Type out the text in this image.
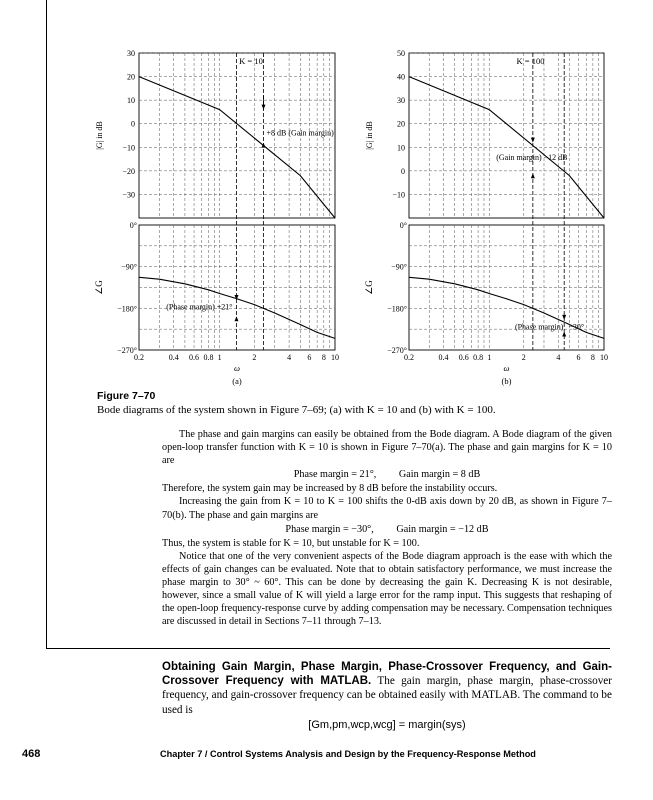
30
20
10
0
−10
−20
−30
0°
−90°
−180°
−270°
0.2	0.4 0.6 0.8 1	2	4 6 8 10
ω
|G| in dB
∠G
K = 10
(a)
50
40
30
20
10
0
−10
0°
−90°
−180°
−270°
0.2	0.4 0.6 0.8 1	2	4 6 8 10
ω
|G| in dB
∠G
K = 100
(b)
+8 dB (Gain margin)
(Phase margin) +21°
(Gain margin) −12 dB
(Phase margin) −30°
Figure 7–70
Bode diagrams of the system shown in Figure 7–69; (a) with K = 10 and (b) with K = 100.

The phase and gain margins can easily be obtained from the Bode diagram. A Bode diagram of the given open-loop transfer function with K = 10 is shown in Figure 7–70(a). The phase and gain margins for K = 10 are

Phase margin = 21°, Gain margin = 8 dB

Therefore, the system gain may be increased by 8 dB before the instability occurs.

Increasing the gain from K = 10 to K = 100 shifts the 0-dB axis down by 20 dB, as shown in Figure 7–70(b). The phase and gain margins are

Phase margin = −30°, Gain margin = −12 dB

Thus, the system is stable for K = 10, but unstable for K = 100.

Notice that one of the very convenient aspects of the Bode diagram approach is the ease with which the effects of gain changes can be evaluated. Note that to obtain satisfactory performance, we must increase the phase margin to 30° ~ 60°. This can be done by decreasing the gain K. Decreasing K is not desirable, however, since a small value of K will yield a large error for the ramp input. This suggests that reshaping of the open-loop frequency-response curve by adding compensation may be necessary. Compensation techniques are discussed in detail in Sections 7–11 through 7–13.

Obtaining Gain Margin, Phase Margin, Phase-Crossover Frequency, and Gain-Crossover Frequency with MATLAB. The gain margin, phase margin, phase-crossover frequency, and gain-crossover frequency can be obtained easily with MATLAB. The command to be used is
[Gm,pm,wcp,wcg] = margin(sys)
468	Chapter 7 / Control Systems Analysis and Design by the Frequency-Response Method
